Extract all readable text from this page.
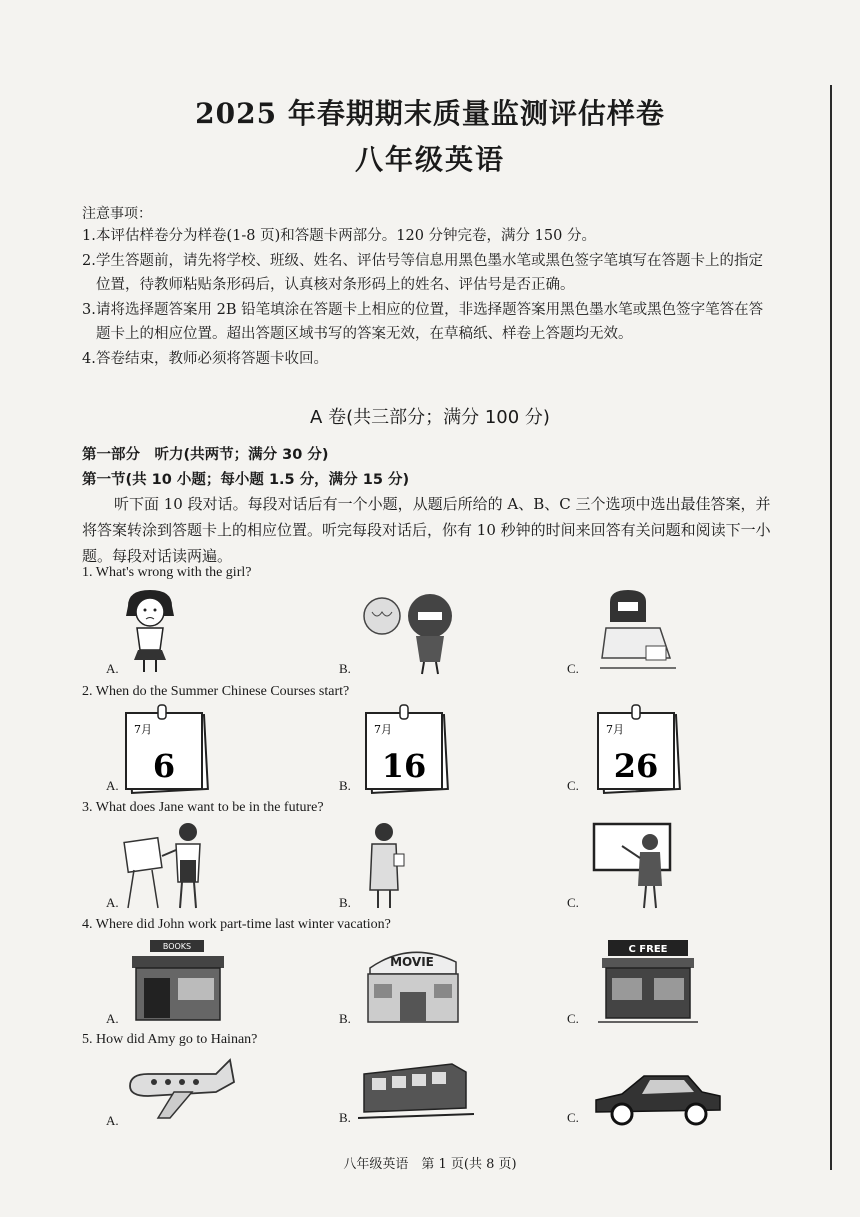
2025 年春期期末质量监测评估样卷
八年级英语
注意事项：
1. 本评估样卷分为样卷(1-8 页)和答题卡两部分。120 分钟完卷，满分 150 分。
2. 学生答题前，请先将学校、班级、姓名、评估号等信息用黑色墨水笔或黑色签字笔填写在答题卡上的指定位置，待教师粘贴条形码后，认真核对条形码上的姓名、评估号是否正确。
3. 请将选择题答案用 2B 铅笔填涂在答题卡上相应的位置，非选择题答案用黑色墨水笔或黑色签字笔答在答题卡上的相应位置。超出答题区域书写的答案无效，在草稿纸、样卷上答题均无效。
4. 答卷结束，教师必须将答题卡收回。
A 卷(共三部分；满分 100 分)
第一部分　听力(共两节；满分 30 分)
第一节(共 10 小题；每小题 1.5 分，满分 15 分)
听下面 10 段对话。每段对话后有一个小题，从题后所给的 A、B、C 三个选项中选出最佳答案，并将答案转涂到答题卡上的相应位置。听完每段对话后，你有 10 秒钟的时间来回答有关问题和阅读下一小题。每段对话读两遍。
1. What's wrong with the girl?
A.	B.	C.
2. When do the Summer Chinese Courses start?
7月
6
A.
7月
16
B.
7月
26
C.
3. What does Jane want to be in the future?
A.	B.	C.
4. Where did John work part-time last winter vacation?
BOOKS
A.
MOVIE
B.
C FREE
C.
5. How did Amy go to Hainan?
A.	B.	C.
八年级英语　第 1 页(共 8 页)
